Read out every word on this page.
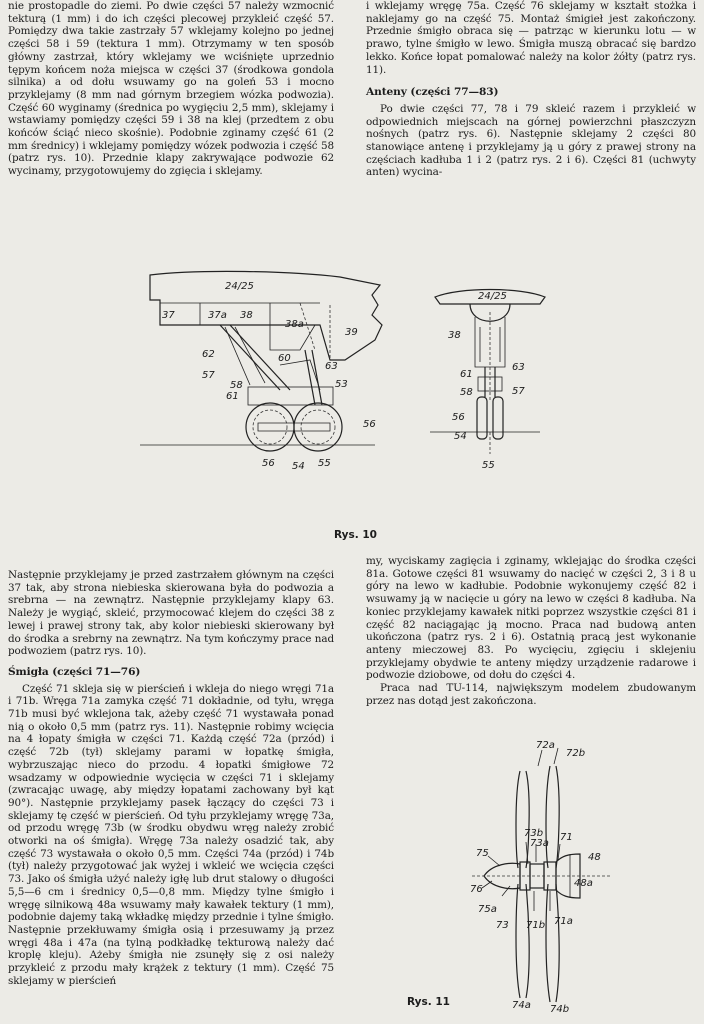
nie prostopadle do ziemi. Po dwie części 57 należy wzmocnić tekturą (1 mm) i do ich części plecowej przykleić część 57. Pomiędzy dwa takie zastrzały 57 wklejamy kolejno po jednej części 58 i 59 (tektura 1 mm). Otrzymamy w ten sposób główny zastrzał, który wklejamy we wciśnięte uprzednio tępym końcem noża miejsca w części 37 (środkowa gondola silnika) a od dołu wsuwamy go na goleń 53 i mocno przyklejamy (8 mm nad górnym brzegiem wózka podwozia). Część 60 wyginamy (średnica po wygięciu 2,5 mm), sklejamy i wstawiamy pomiędzy części 59 i 38 na klej (przedtem z obu końców ściąć nieco skośnie). Podobnie zginamy część 61 (2 mm średnicy) i wklejamy pomiędzy wózek podwozia i część 58 (patrz rys. 10). Przednie klapy zakrywające podwozie 62 wycinamy, przygotowujemy do zgięcia i sklejamy.

i wklejamy wręgę 75a. Część 76 sklejamy w kształt stożka i naklejamy go na część 75. Montaż śmigieł jest zakończony. Przednie śmigło obraca się — patrząc w kierunku lotu — w prawo, tylne śmigło w lewo. Śmigła muszą obracać się bardzo lekko. Końce łopat pomalować należy na kolor żółty (patrz rys. 11).

Anteny (części 77—83)

Po dwie części 77, 78 i 79 skleić razem i przykleić w odpowiednich miejscach na górnej powierzchni płaszczyzn nośnych (patrz rys. 6). Następnie sklejamy 2 części 80 stanowiące antenę i przyklejamy ją u góry z prawej strony na częściach kadłuba 1 i 2 (patrz rys. 2 i 6). Części 81 (uchwyty anten) wycina-

24/25
37	37a 38
38a
39
62	60
63
57
58
61
53
56
56 54 55
24/25
38
63
61
57
58
56
54
55
Rys. 10

Następnie przyklejamy je przed zastrzałem głównym na części 37 tak, aby strona niebieska skierowana była do podwozia a srebrna — na zewnątrz. Następnie przyklejamy klapy 63. Należy je wygiąć, skleić, przymocować klejem do części 38 z lewej i prawej strony tak, aby kolor niebieski skierowany był do środka a srebrny na zewnątrz. Na tym kończymy prace nad podwoziem (patrz rys. 10).

Śmigła (części 71—76)

Część 71 skleja się w pierścień i wkleja do niego wręgi 71a i 71b. Wręga 71a zamyka część 71 dokładnie, od tyłu, wręga 71b musi być wklejona tak, ażeby część 71 wystawała ponad nią o około 0,5 mm (patrz rys. 11). Następnie robimy wcięcia na 4 łopaty śmigła w części 71. Każdą część 72a (przód) i część 72b (tył) sklejamy parami w łopatkę śmigła, wybrzuszając nieco do przodu. 4 łopatki śmigłowe 72 wsadzamy w odpowiednie wycięcia w części 71 i sklejamy (zwracając uwagę, aby między łopatami zachowany był kąt 90°). Następnie przyklejamy pasek łączący do części 73 i sklejamy tę część w pierścień. Od tyłu przyklejamy wręgę 73a, od przodu wręgę 73b (w środku obydwu wręg należy zrobić otworki na oś śmigła). Wręgę 73a należy osadzić tak, aby część 73 wystawała o około 0,5 mm. Części 74a (przód) i 74b (tył) należy przygotować jak wyżej i wkleić we wcięcia części 73. Jako oś śmigła użyć należy igłę lub drut stalowy o długości 5,5—6 cm i średnicy 0,5—0,8 mm. Między tylne śmigło i wręgę silnikową 48a wsuwamy mały kawałek tektury (1 mm), podobnie dajemy taką wkładkę między przednie i tylne śmigło. Następnie przekłuwamy śmigła osią i przesuwamy ją przez wręgi 48a i 47a (na tylną podkładkę tekturową należy dać kroplę kleju). Ażeby śmigła nie zsunęły się z osi należy przykleić z przodu mały krążek z tektury (1 mm). Część 75 sklejamy w pierścień

my, wyciskamy zagięcia i zginamy, wklejając do środka części 81a. Gotowe części 81 wsuwamy do nacięć w części 2, 3 i 8 u góry na lewo w kadłubie. Podobnie wykonujemy część 82 i wsuwamy ją w nacięcie u góry na lewo w części 8 kadłuba. Na koniec przyklejamy kawałek nitki poprzez wszystkie części 81 i część 82 naciągając ją mocno. Praca nad budową anten ukończona (patrz rys. 2 i 6). Ostatnią pracą jest wykonanie anteny mieczowej 83. Po wycięciu, zgięciu i sklejeniu przyklejamy obydwie te anteny między urządzenie radarowe i podwozie dziobowe, od dołu do części 4.

Praca nad TU-114, największym modelem zbudowanym przez nas dotąd jest zakończona.

72a
72b
73b
73a
71
48
75
76
48a
75a
73 71b 71a
74a 74b
Rys. 11
